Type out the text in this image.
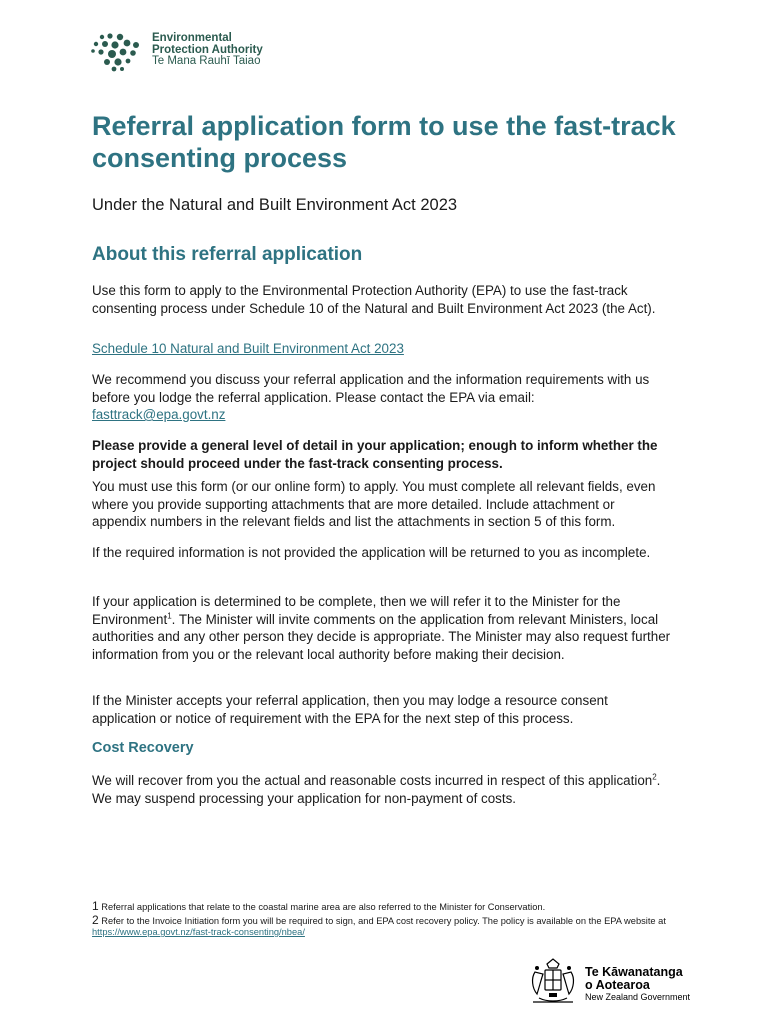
Environmental
Protection Authority
Te Mana Rauhī Taiao
Referral application form to use the fast-track consenting process

Under the Natural and Built Environment Act 2023

About this referral application

Use this form to apply to the Environmental Protection Authority (EPA) to use the fast-track consenting process under Schedule 10 of the Natural and Built Environment Act 2023 (the Act).

Schedule 10 Natural and Built Environment Act 2023

We recommend you discuss your referral application and the information requirements with us before you lodge the referral application. Please contact the EPA via email:
fasttrack@epa.govt.nz

Please provide a general level of detail in your application; enough to inform whether the project should proceed under the fast-track consenting process.

You must use this form (or our online form) to apply. You must complete all relevant fields, even where you provide supporting attachments that are more detailed. Include attachment or appendix numbers in the relevant fields and list the attachments in section 5 of this form.

If the required information is not provided the application will be returned to you as incomplete.

If your application is determined to be complete, then we will refer it to the Minister for the Environment$^1$. The Minister will invite comments on the application from relevant Ministers, local authorities and any other person they decide is appropriate. The Minister may also request further information from you or the relevant local authority before making their decision.

If the Minister accepts your referral application, then you may lodge a resource consent application or notice of requirement with the EPA for the next step of this process.

Cost Recovery

We will recover from you the actual and reasonable costs incurred in respect of this application$^2$. We may suspend processing your application for non-payment of costs.

1 Referral applications that relate to the coastal marine area are also referred to the Minister for Conservation.

2 Refer to the Invoice Initiation form you will be required to sign, and EPA cost recovery policy. The policy is available on the EPA website at https://www.epa.govt.nz/fast-track-consenting/nbea/

Te Kāwanatanga
o Aotearoa
New Zealand Government
